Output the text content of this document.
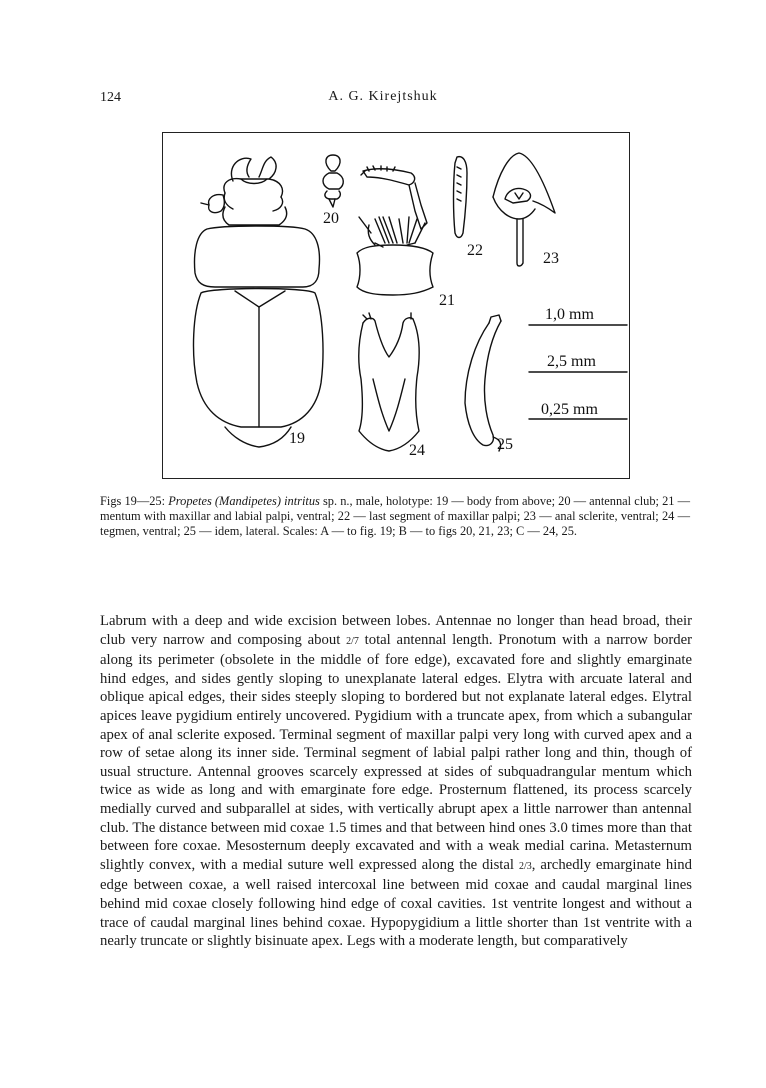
124	A. G. Kirejtshuk
19
20
21
22	23
24	25
1,0 mm
2,5 mm
0,25 mm
Figs 19—25: Propetes (Mandipetes) intritus sp. n., male, holotype: 19 — body from above; 20 — antennal club; 21 — mentum with maxillar and labial palpi, ventral; 22 — last segment of maxillar palpi; 23 — anal sclerite, ventral; 24 — tegmen, ventral; 25 — idem, lateral. Scales: A — to fig. 19; B — to figs 20, 21, 23; C — 24, 25.
Labrum with a deep and wide excision between lobes. Antennae no longer than head broad, their club very narrow and composing about 2/7 total antennal length. Pronotum with a narrow border along its perimeter (obsolete in the middle of fore edge), excavated fore and slightly emarginate hind edges, and sides gently sloping to unexplanate lateral edges. Elytra with arcuate lateral and oblique apical edges, their sides steeply sloping to bordered but not explanate lateral edges. Elytral apices leave pygidium entirely uncovered. Pygidium with a truncate apex, from which a subangular apex of anal sclerite exposed. Terminal segment of maxillar palpi very long with curved apex and a row of setae along its inner side. Terminal segment of labial palpi rather long and thin, though of usual structure. Antennal grooves scarcely expressed at sides of subquadrangular mentum which twice as wide as long and with emarginate fore edge. Prosternum flattened, its process scarcely medially curved and subparallel at sides, with vertically abrupt apex a little narrower than antennal club. The distance between mid coxae 1.5 times and that between hind ones 3.0 times more than that between fore coxae. Mesosternum deeply excavated and with a weak medial carina. Metasternum slightly convex, with a medial suture well expressed along the distal 2/3, archedly emarginate hind edge between coxae, a well raised intercoxal line between mid coxae and caudal marginal lines behind mid coxae closely following hind edge of coxal cavities. 1st ventrite longest and without a trace of caudal marginal lines behind coxae. Hypopygidium a little shorter than 1st ventrite with a nearly truncate or slightly bisinuate apex. Legs with a moderate length, but comparatively
